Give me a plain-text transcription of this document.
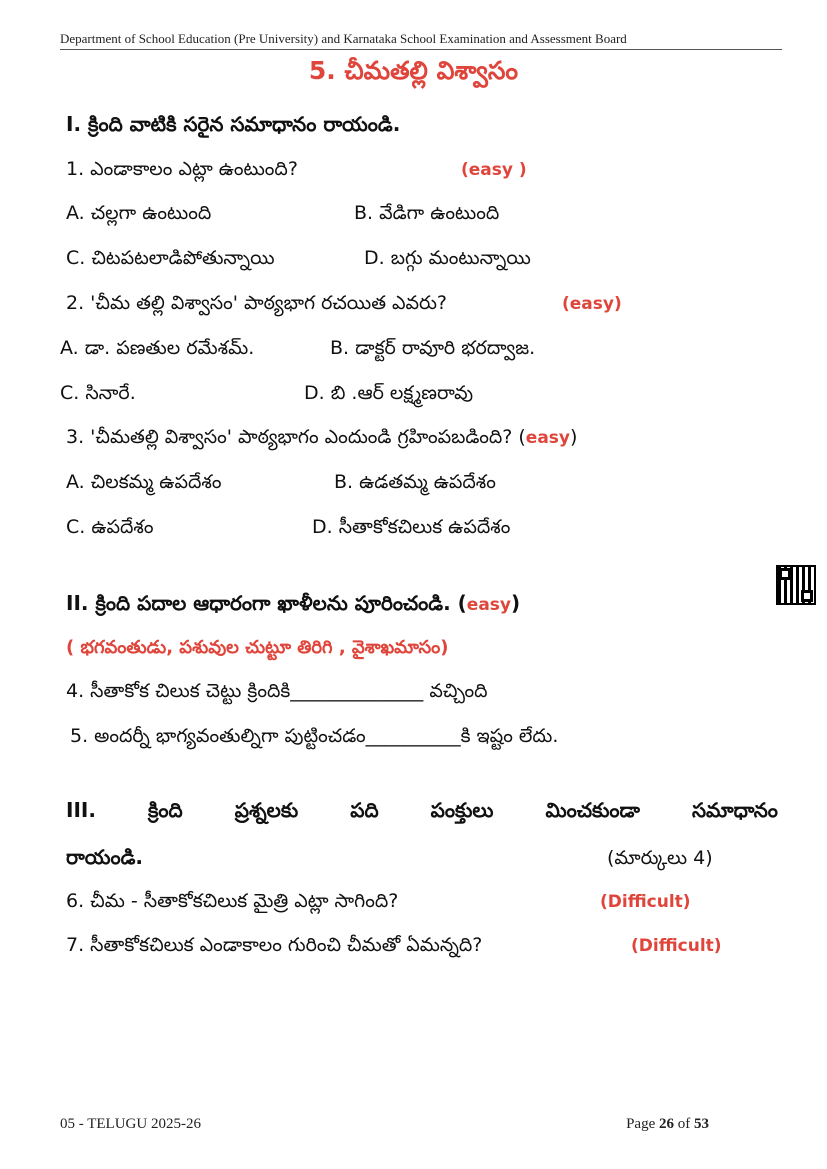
Department of School Education (Pre University) and Karnataka School Examination and Assessment Board
5. చీమతల్లి విశ్వాసం
I. క్రింది వాటికి సరైన సమాధానం రాయండి.
1. ఎండాకాలం ఎట్లా ఉంటుంది?	(easy )
A. చల్లగా ఉంటుంది	B. వేడిగా ఉంటుంది
C. చిటపటలాడిపోతున్నాయి	D. బగ్గు మంటున్నాయి
2. 'చీమ తల్లి విశ్వాసం' పాఠ్యభాగ రచయిత ఎవరు?	(easy)
A. డా. పణతుల రమేశమ్.	B. డాక్టర్ రావూరి భరద్వాజ.
C. సినారే.	D. బి .ఆర్ లక్ష్మణరావు
3. 'చీమతల్లి విశ్వాసం' పాఠ్యభాగం ఎందుండి గ్రహింపబడింది? (easy)
A. చిలకమ్మ ఉపదేశం	B. ఉడతమ్మ ఉపదేశం
C. ఉపదేశం	D. సీతాకోకచిలుక ఉపదేశం
II. క్రింది పదాల ఆధారంగా ఖాళీలను పూరించండి. (easy)
( భగవంతుడు, పశువుల చుట్టూ తిరిగి , వైశాఖమాసం)
4. సీతాకోక చిలుక చెట్టు క్రిందికి______________ వచ్చింది
5. అందర్నీ భాగ్యవంతుల్నిగా పుట్టించడం__________కి ఇష్టం లేదు.
III.	క్రింది	ప్రశ్నలకు	పది	పంక్తులు	మించకుండా	సమాధానం
రాయండి.	(మార్కులు 4)
6. చీమ - సీతాకోకచిలుక మైత్రి ఎట్లా సాగింది?	(Difficult)
7. సీతాకోకచిలుక ఎండాకాలం గురించి చీమతో ఏమన్నది?	(Difficult)
05 - TELUGU 2025-26	Page 26 of 53
